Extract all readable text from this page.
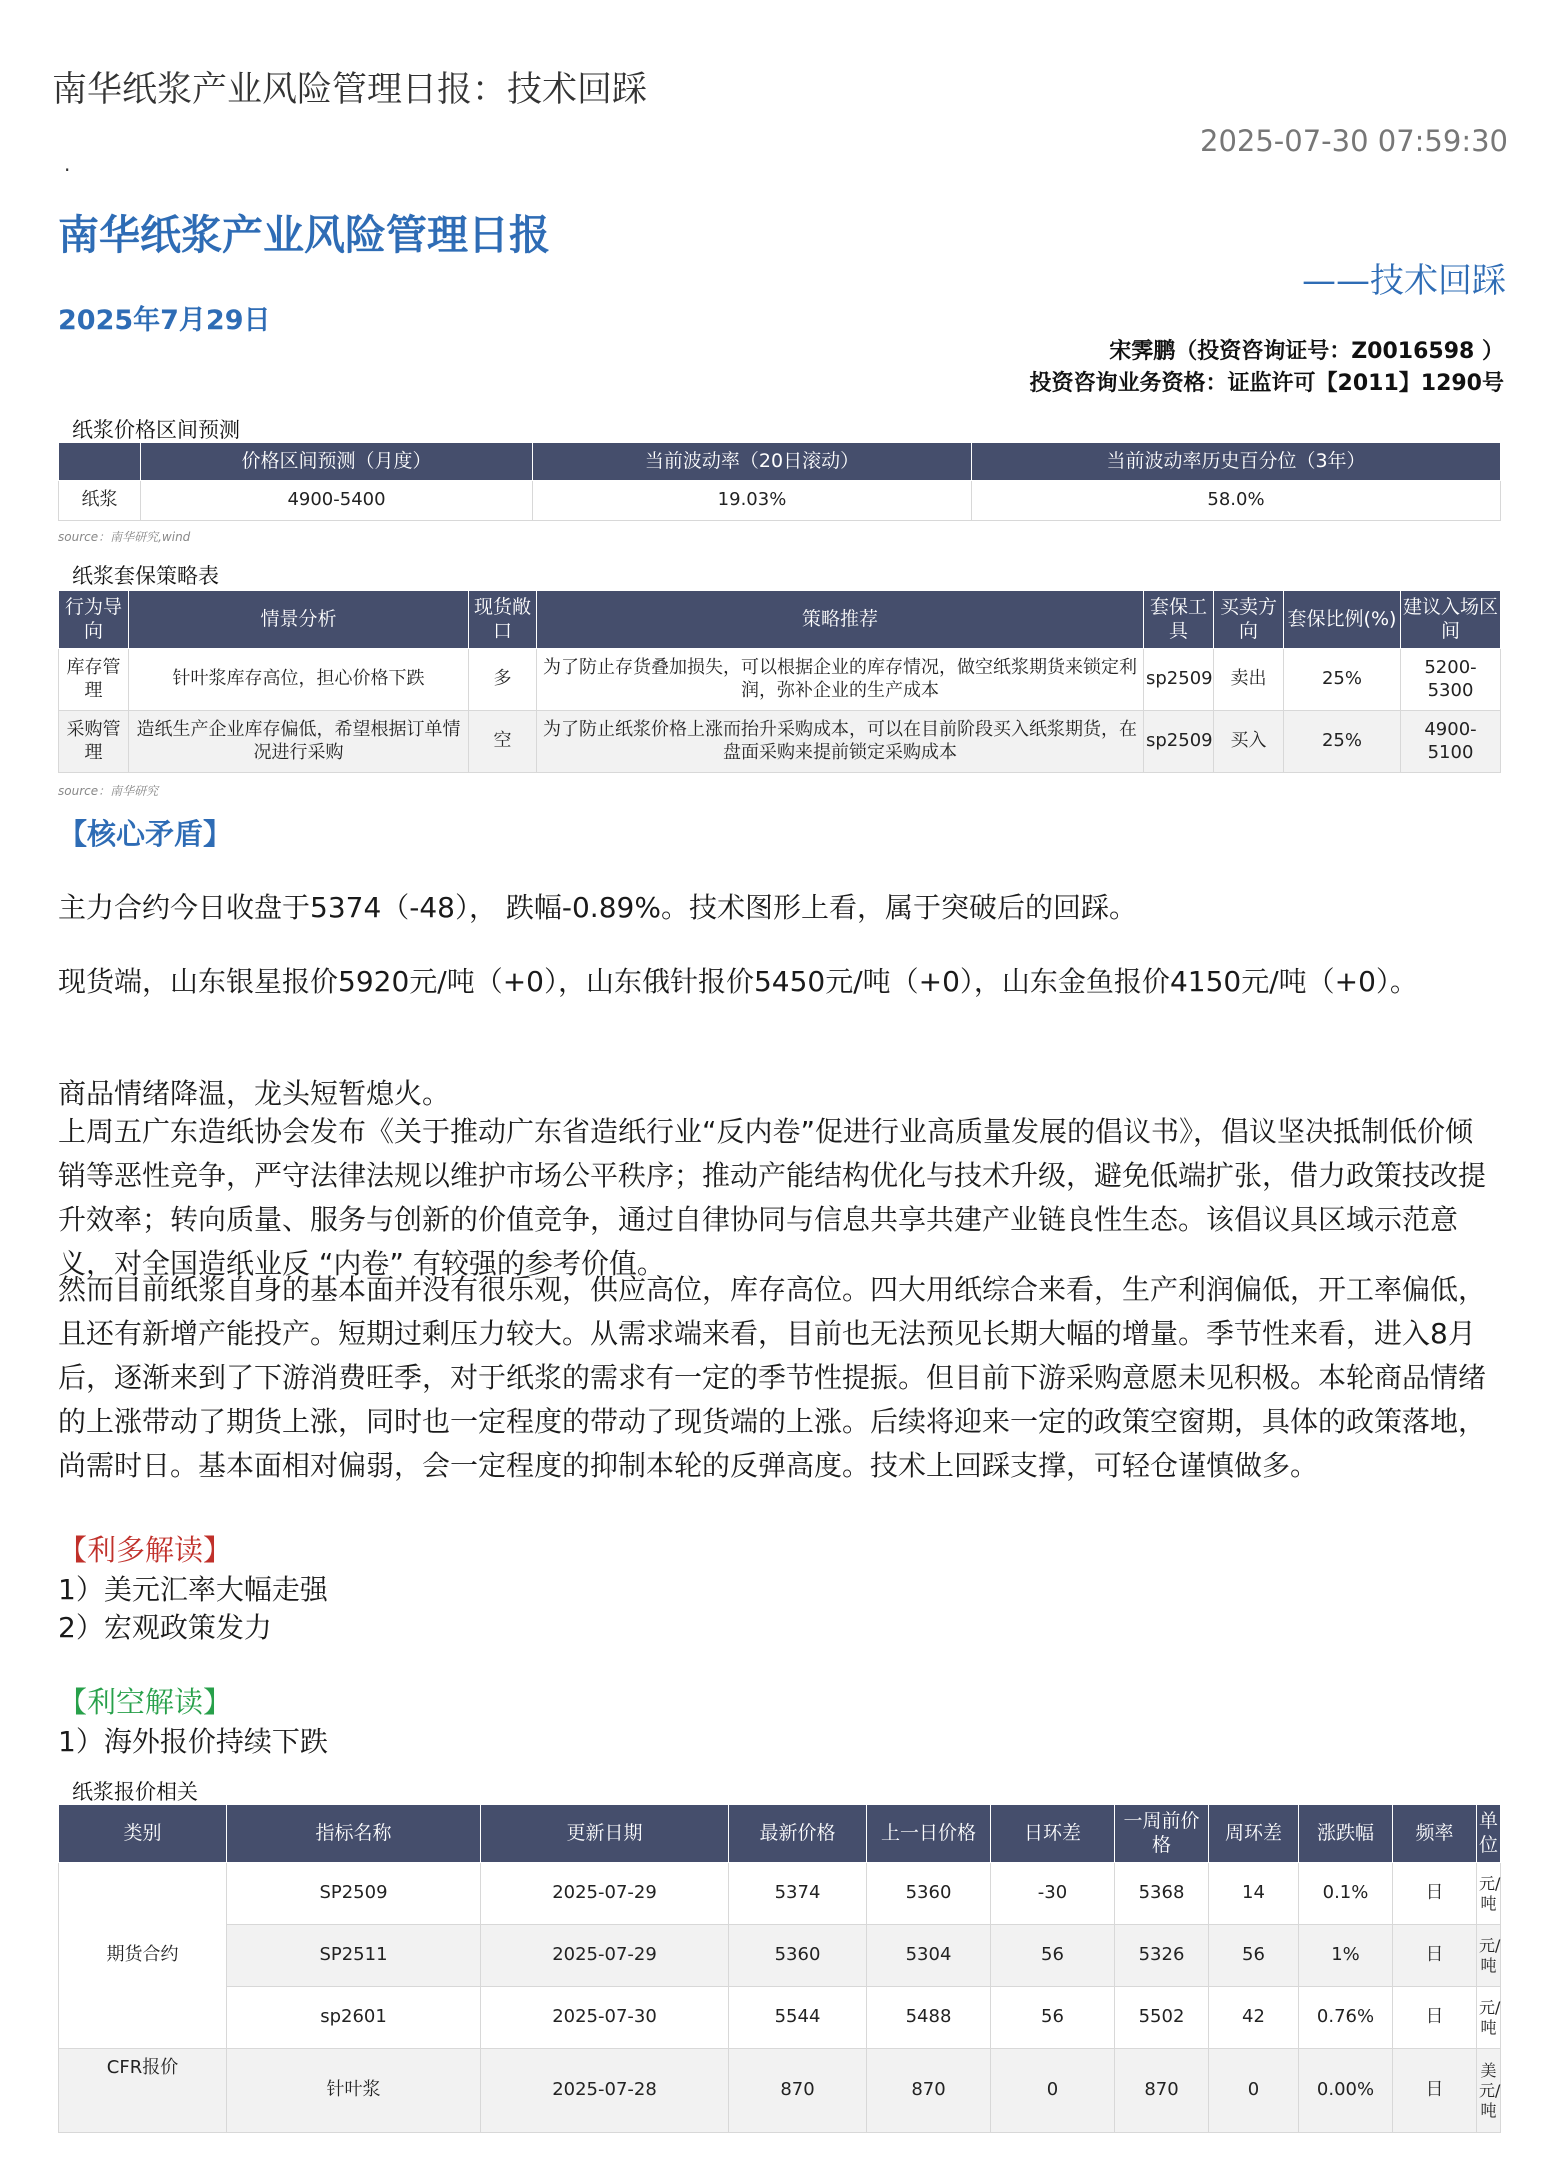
南华纸浆产业风险管理日报：技术回踩
2025-07-30 07:59:30
·
南华纸浆产业风险管理日报
——技术回踩
2025年7月29日
宋霁鹏（投资咨询证号：Z0016598 ）
投资咨询业务资格：证监许可【2011】1290号
纸浆价格区间预测
	价格区间预测（月度）	当前波动率（20日滚动）	当前波动率历史百分位（3年）
纸浆	4900-5400	19.03%	58.0%
source：南华研究,wind
纸浆套保策略表
行为导向	情景分析	现货敞口	策略推荐	套保工具	买卖方向	套保比例(%)	建议入场区间
库存管理	针叶浆库存高位，担心价格下跌	多	为了防止存货叠加损失，可以根据企业的库存情况，做空纸浆期货来锁定利润，弥补企业的生产成本	sp2509	卖出	25%	5200-5300
采购管理	造纸生产企业库存偏低，希望根据订单情况进行采购	空	为了防止纸浆价格上涨而抬升采购成本，可以在目前阶段买入纸浆期货，在盘面采购来提前锁定采购成本	sp2509	买入	25%	4900-5100
source：南华研究
【核心矛盾】
主力合约今日收盘于5374（-48）， 跌幅-0.89%。技术图形上看，属于突破后的回踩。
现货端，山东银星报价5920元/吨（+0），山东俄针报价5450元/吨（+0），山东金鱼报价4150元/吨（+0）。
商品情绪降温，龙头短暂熄火。
上周五广东造纸协会发布《关于推动广东省造纸行业“反内卷”促进行业高质量发展的倡议书》，倡议坚决抵制低价倾销等恶性竞争，严守法律法规以维护市场公平秩序；推动产能结构优化与技术升级，避免低端扩张，借力政策技改提升效率；转向质量、服务与创新的价值竞争，通过自律协同与信息共享共建产业链良性生态。该倡议具区域示范意义，对全国造纸业反 “内卷” 有较强的参考价值。
然而目前纸浆自身的基本面并没有很乐观，供应高位，库存高位。四大用纸综合来看，生产利润偏低，开工率偏低，且还有新增产能投产。短期过剩压力较大。从需求端来看，目前也无法预见长期大幅的增量。季节性来看，进入8月后，逐渐来到了下游消费旺季，对于纸浆的需求有一定的季节性提振。但目前下游采购意愿未见积极。本轮商品情绪的上涨带动了期货上涨，同时也一定程度的带动了现货端的上涨。后续将迎来一定的政策空窗期，具体的政策落地，尚需时日。基本面相对偏弱，会一定程度的抑制本轮的反弹高度。技术上回踩支撑，可轻仓谨慎做多。
【利多解读】
1）美元汇率大幅走强
2）宏观政策发力
【利空解读】
1）海外报价持续下跌
纸浆报价相关
类别	指标名称	更新日期	最新价格	上一日价格	日环差	一周前价格	周环差	涨跌幅	频率	单位
期货合约	SP2509	2025-07-29	5374	5360	-30	5368	14	0.1%	日	元/吨
	SP2511	2025-07-29	5360	5304	56	5326	56	1%	日	元/吨
	sp2601	2025-07-30	5544	5488	56	5502	42	0.76%	日	元/吨
CFR报价	针叶浆	2025-07-28	870	870	0	870	0	0.00%	日	美元/吨
